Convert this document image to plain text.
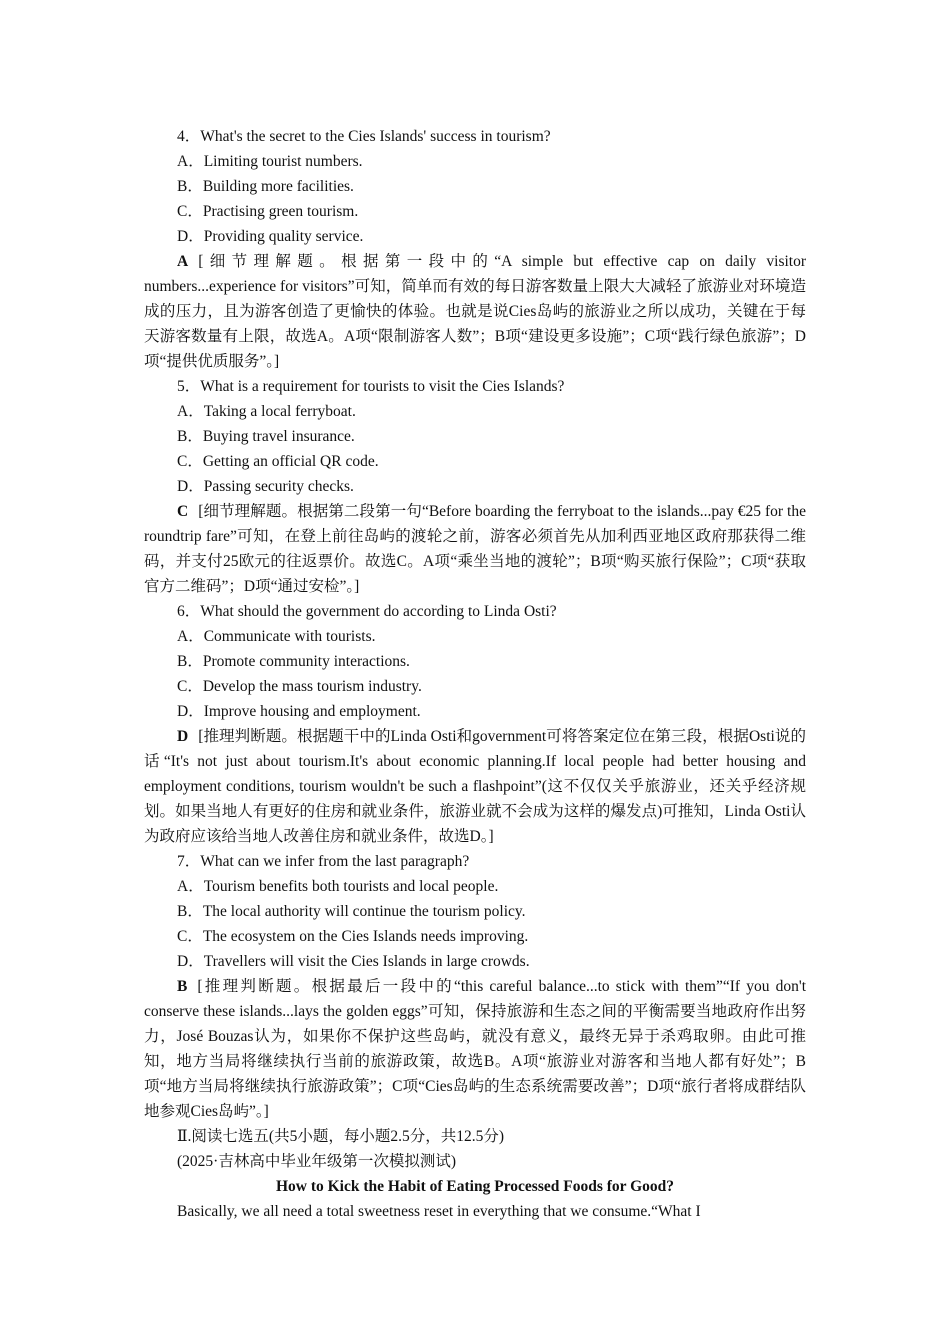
4．What's the secret to the Cies Islands' success in tourism?

A．Limiting tourist numbers.

B．Building more facilities.

C．Practising green tourism.

D．Providing quality service.

A [细节理解题。根据第一段中的“A simple but effective cap on daily visitor numbers...experience for visitors”可知，简单而有效的每日游客数量上限大大减轻了旅游业对环境造成的压力，且为游客创造了更愉快的体验。也就是说Cies岛屿的旅游业之所以成功，关键在于每天游客数量有上限，故选A。A项“限制游客人数”；B项“建设更多设施”；C项“践行绿色旅游”；D项“提供优质服务”。]

5．What is a requirement for tourists to visit the Cies Islands?

A．Taking a local ferryboat.

B．Buying travel insurance.

C．Getting an official QR code.

D．Passing security checks.

C [细节理解题。根据第二段第一句“Before boarding the ferryboat to the islands...pay €25 for the roundtrip fare”可知，在登上前往岛屿的渡轮之前，游客必须首先从加利西亚地区政府那获得二维码，并支付25欧元的往返票价。故选C。A项“乘坐当地的渡轮”；B项“购买旅行保险”；C项“获取官方二维码”；D项“通过安检”。]

6．What should the government do according to Linda Osti?

A．Communicate with tourists.

B．Promote community interactions.

C．Develop the mass tourism industry.

D．Improve housing and employment.

D [推理判断题。根据题干中的Linda Osti和government可将答案定位在第三段，根据Osti说的话“It's not just about tourism.It's about economic planning.If local people had better housing and employment conditions, tourism wouldn't be such a flashpoint”(这不仅仅关乎旅游业，还关乎经济规划。如果当地人有更好的住房和就业条件，旅游业就不会成为这样的爆发点)可推知，Linda Osti认为政府应该给当地人改善住房和就业条件，故选D。]

7．What can we infer from the last paragraph?

A．Tourism benefits both tourists and local people.

B．The local authority will continue the tourism policy.

C．The ecosystem on the Cies Islands needs improving.

D．Travellers will visit the Cies Islands in large crowds.

B [推理判断题。根据最后一段中的“this careful balance...to stick with them”“If you don't conserve these islands...lays the golden eggs”可知，保持旅游和生态之间的平衡需要当地政府作出努力，José Bouzas认为，如果你不保护这些岛屿，就没有意义，最终无异于杀鸡取卵。由此可推知，地方当局将继续执行当前的旅游政策，故选B。A项“旅游业对游客和当地人都有好处”；B项“地方当局将继续执行旅游政策”；C项“Cies岛屿的生态系统需要改善”；D项“旅行者将成群结队地参观Cies岛屿”。]

Ⅱ.阅读七选五(共5小题，每小题2.5分，共12.5分)

(2025·吉林高中毕业年级第一次模拟测试)

How to Kick the Habit of Eating Processed Foods for Good?

Basically, we all need a total sweetness reset in everything that we consume.“What I
